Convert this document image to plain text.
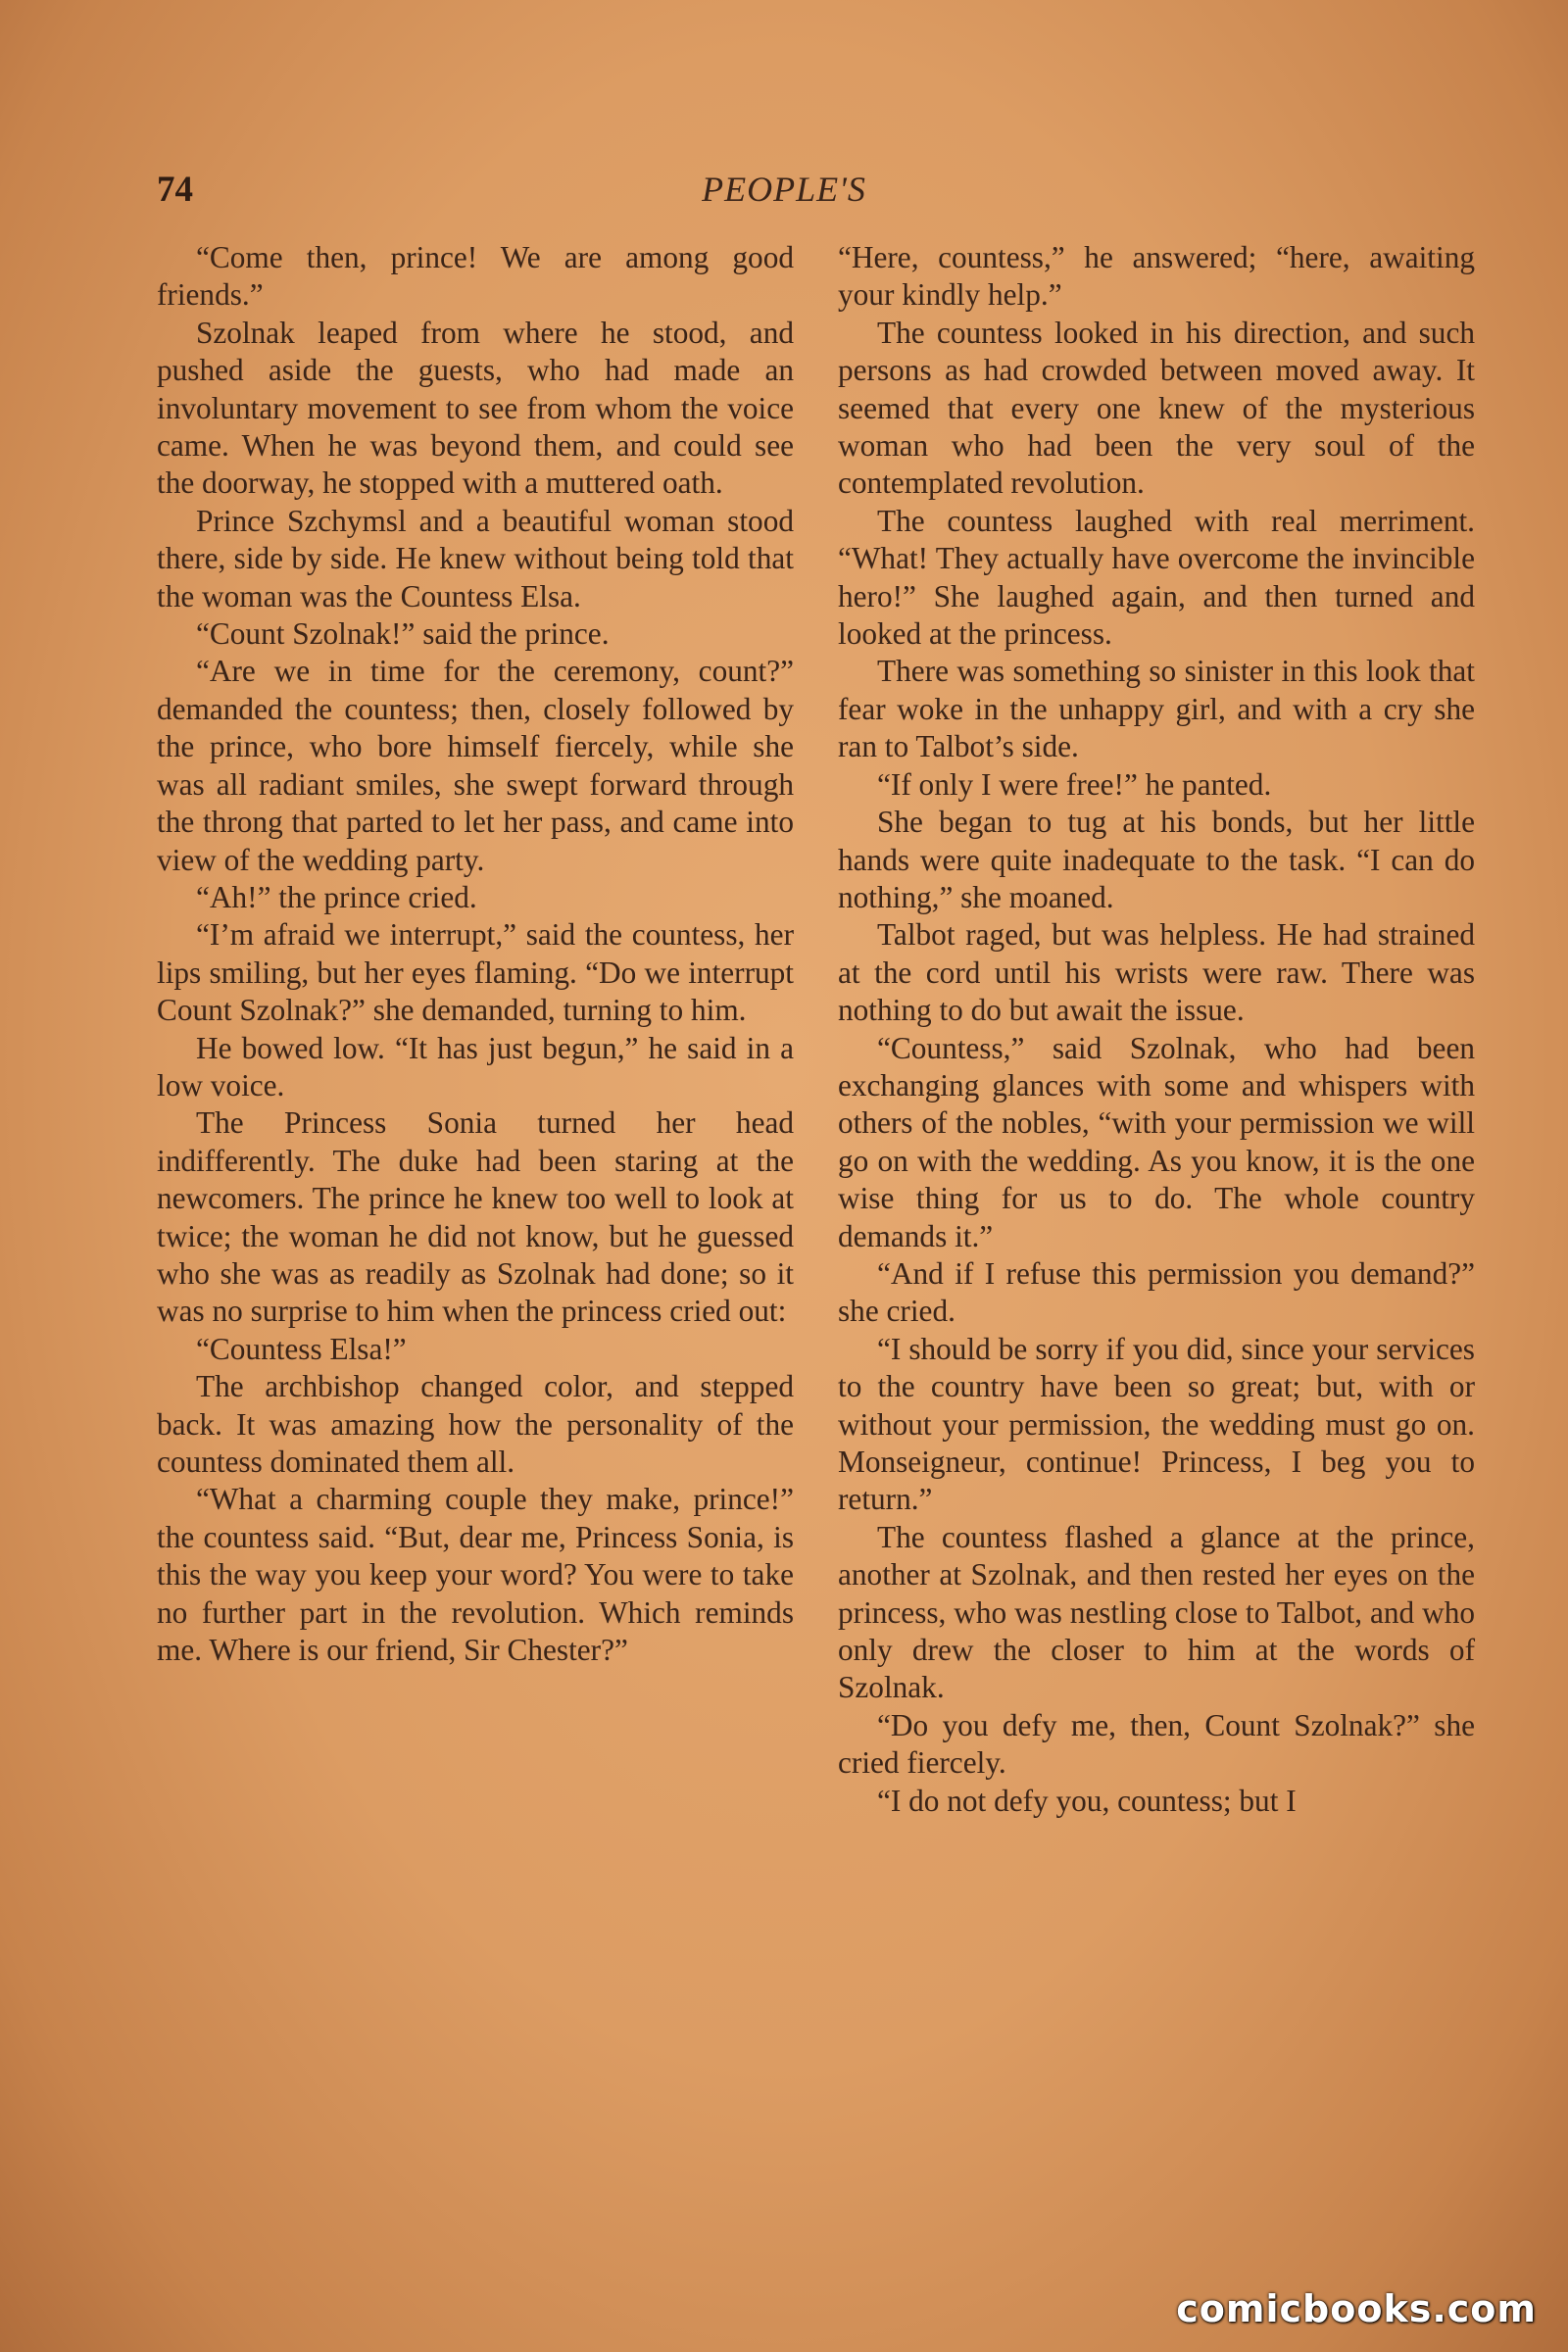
74	PEOPLE'S

“Come then, prince! We are among good friends.”

Szolnak leaped from where he stood, and pushed aside the guests, who had made an involuntary movement to see from whom the voice came. When he was beyond them, and could see the doorway, he stopped with a muttered oath.

Prince Szchymsl and a beautiful woman stood there, side by side. He knew without being told that the woman was the Countess Elsa.

“Count Szolnak!” said the prince.

“Are we in time for the ceremony, count?” demanded the countess; then, closely followed by the prince, who bore himself fiercely, while she was all radiant smiles, she swept forward through the throng that parted to let her pass, and came into view of the wedding party.

“Ah!” the prince cried.

“I’m afraid we interrupt,” said the countess, her lips smiling, but her eyes flaming. “Do we interrupt Count Szolnak?” she demanded, turning to him.

He bowed low. “It has just begun,” he said in a low voice.

The Princess Sonia turned her head indifferently. The duke had been staring at the newcomers. The prince he knew too well to look at twice; the woman he did not know, but he guessed who she was as readily as Szolnak had done; so it was no surprise to him when the princess cried out:

“Countess Elsa!”

The archbishop changed color, and stepped back. It was amazing how the personality of the countess dominated them all.

“What a charming couple they make, prince!” the countess said. “But, dear me, Princess Sonia, is this the way you keep your word? You were to take no further part in the revolution. Which reminds me. Where is our friend, Sir Chester?”

“Here, countess,” he answered; “here, awaiting your kindly help.”

The countess looked in his direction, and such persons as had crowded between moved away. It seemed that every one knew of the mysterious woman who had been the very soul of the contemplated revolution.

The countess laughed with real merriment. “What! They actually have overcome the invincible hero!” She laughed again, and then turned and looked at the princess.

There was something so sinister in this look that fear woke in the unhappy girl, and with a cry she ran to Talbot’s side.

“If only I were free!” he panted.

She began to tug at his bonds, but her little hands were quite inadequate to the task. “I can do nothing,” she moaned.

Talbot raged, but was helpless. He had strained at the cord until his wrists were raw. There was nothing to do but await the issue.

“Countess,” said Szolnak, who had been exchanging glances with some and whispers with others of the nobles, “with your permission we will go on with the wedding. As you know, it is the one wise thing for us to do. The whole country demands it.”

“And if I refuse this permission you demand?” she cried.

“I should be sorry if you did, since your services to the country have been so great; but, with or without your permission, the wedding must go on. Monseigneur, continue! Princess, I beg you to return.”

The countess flashed a glance at the prince, another at Szolnak, and then rested her eyes on the princess, who was nestling close to Talbot, and who only drew the closer to him at the words of Szolnak.

“Do you defy me, then, Count Szolnak?” she cried fiercely.

“I do not defy you, countess; but I

comicbooks.com
